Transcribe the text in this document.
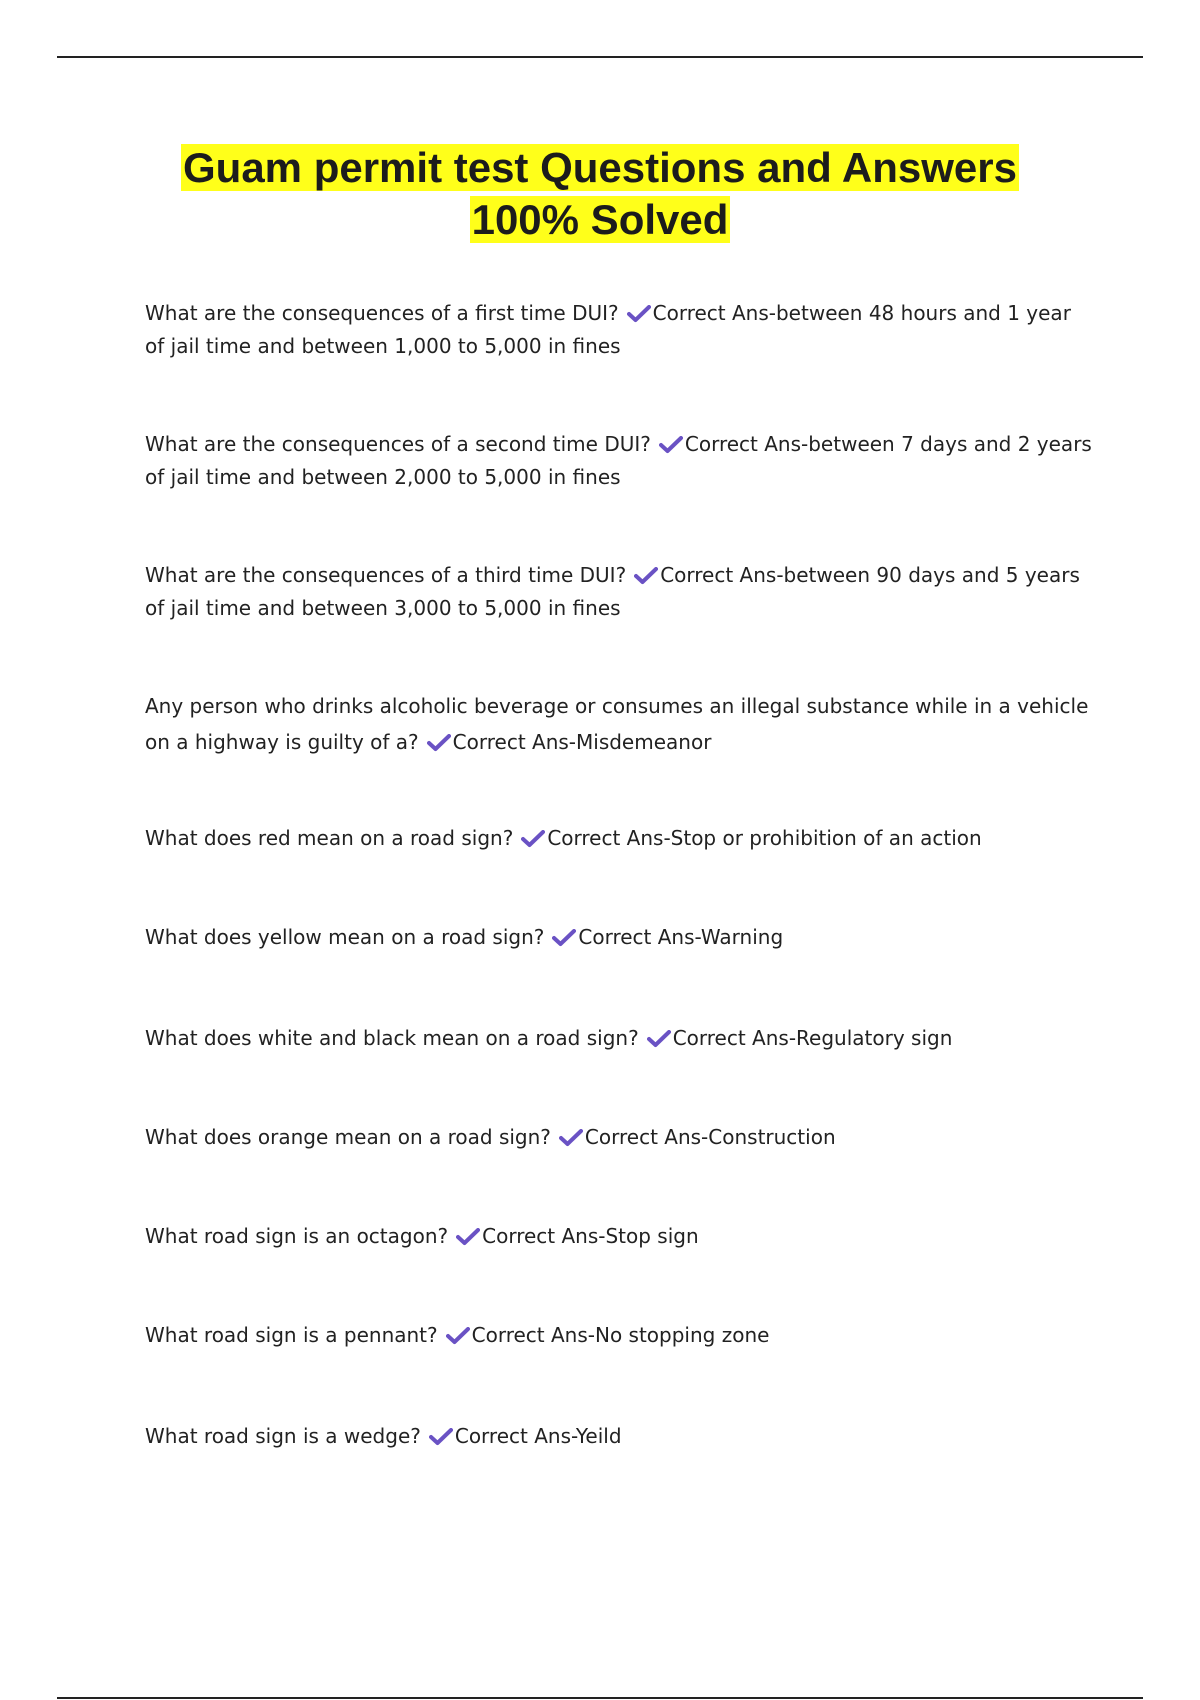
Guam permit test Questions and Answers
100% Solved

What are the consequences of a first time DUI? Correct Ans-between 48 hours and 1 year of jail time and between 1,000 to 5,000 in fines

What are the consequences of a second time DUI? Correct Ans-between 7 days and 2 years of jail time and between 2,000 to 5,000 in fines

What are the consequences of a third time DUI? Correct Ans-between 90 days and 5 years of jail time and between 3,000 to 5,000 in fines

Any person who drinks alcoholic beverage or consumes an illegal substance while in a vehicle on a highway is guilty of a? Correct Ans-Misdemeanor

What does red mean on a road sign? Correct Ans-Stop or prohibition of an action

What does yellow mean on a road sign? Correct Ans-Warning

What does white and black mean on a road sign? Correct Ans-Regulatory sign

What does orange mean on a road sign? Correct Ans-Construction

What road sign is an octagon? Correct Ans-Stop sign

What road sign is a pennant? Correct Ans-No stopping zone

What road sign is a wedge? Correct Ans-Yeild
